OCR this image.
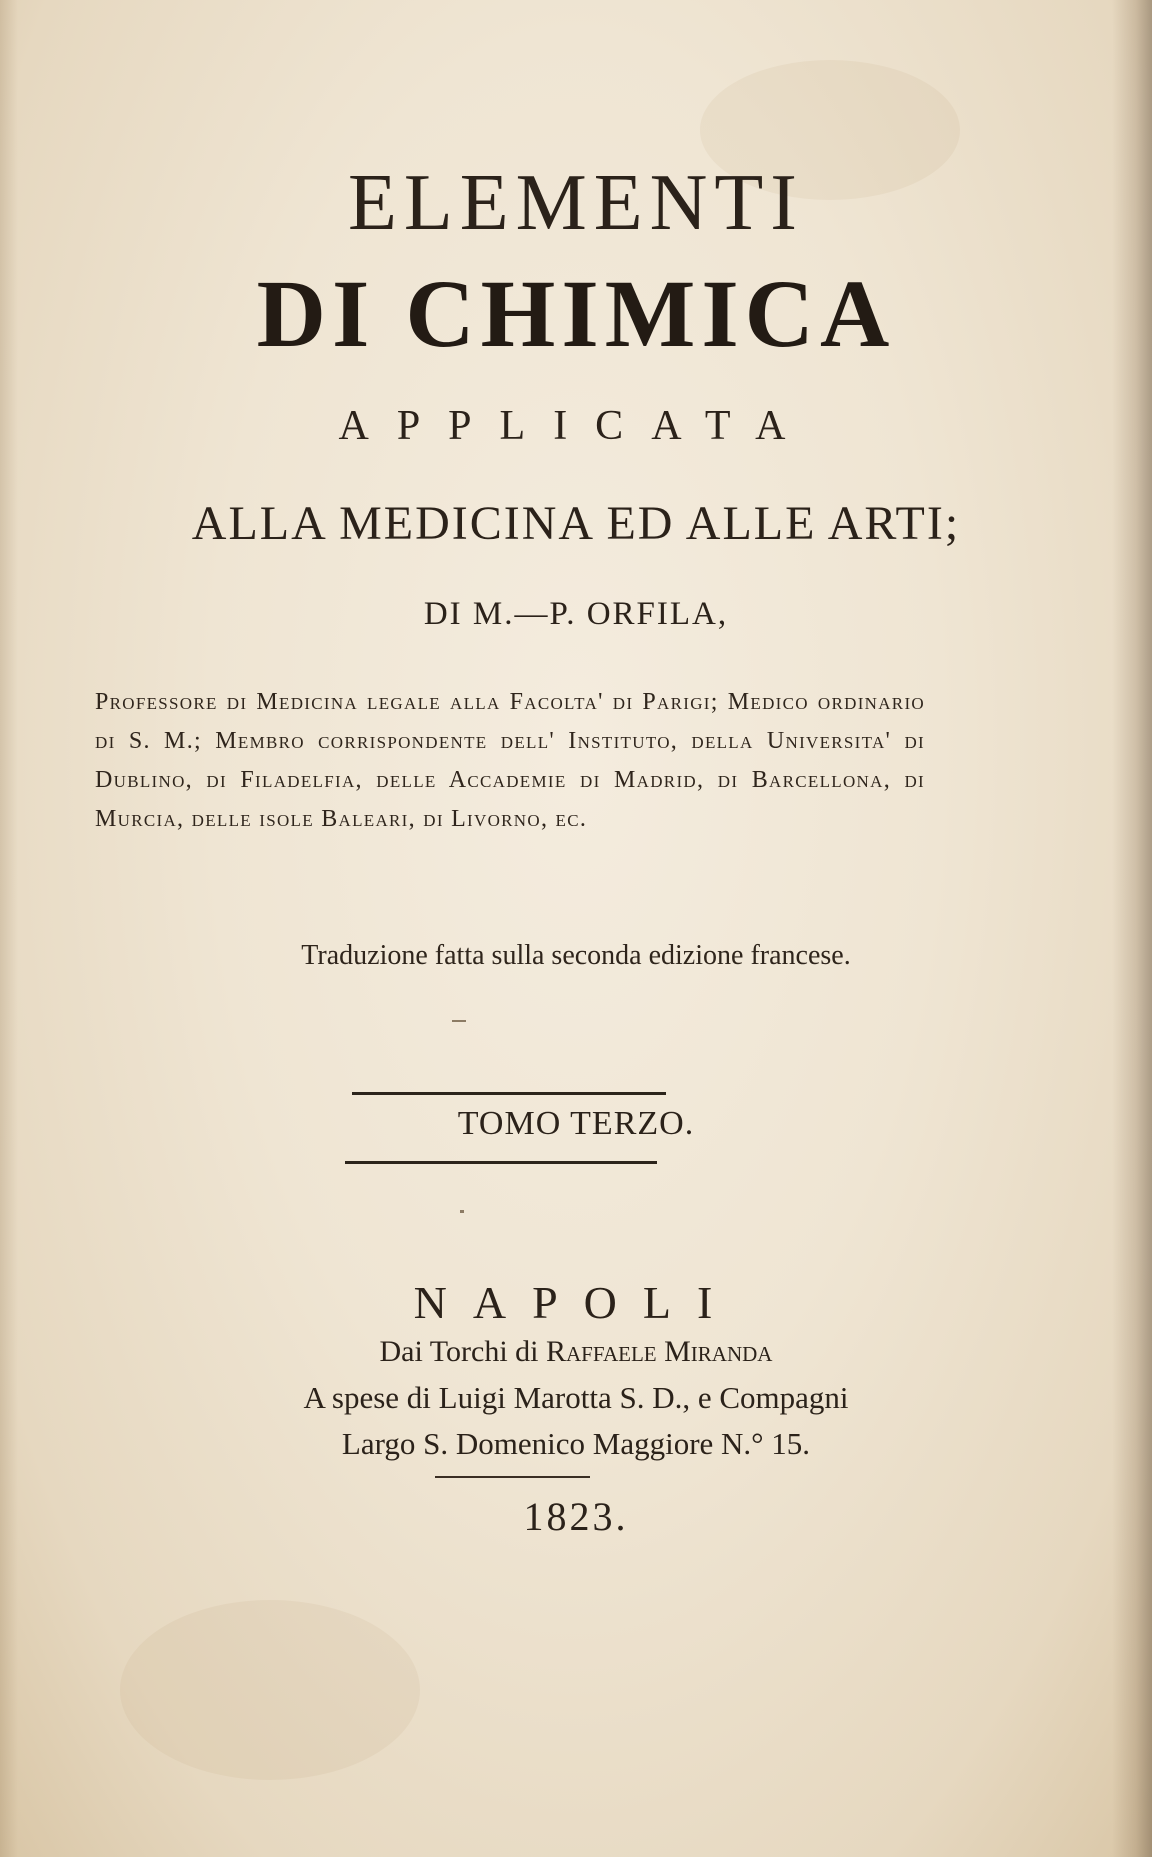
ELEMENTI
DI CHIMICA
APPLICATA
ALLA MEDICINA ED ALLE ARTI;
DI M.—P. ORFILA,
Professore di Medicina legale alla Facolta' di Parigi; Medico ordinario di S. M.; Membro corrispondente dell' Instituto, della Universita' di Dublino, di Filadelfia, delle Accademie di Madrid, di Barcellona, di Murcia, delle isole Baleari, di Livorno, ec.
Traduzione fatta sulla seconda edizione francese.
TOMO TERZO.
NAPOLI
Dai Torchi di Raffaele Miranda
A spese di Luigi Marotta S. D., e Compagni
Largo S. Domenico Maggiore N.° 15.
1823.
